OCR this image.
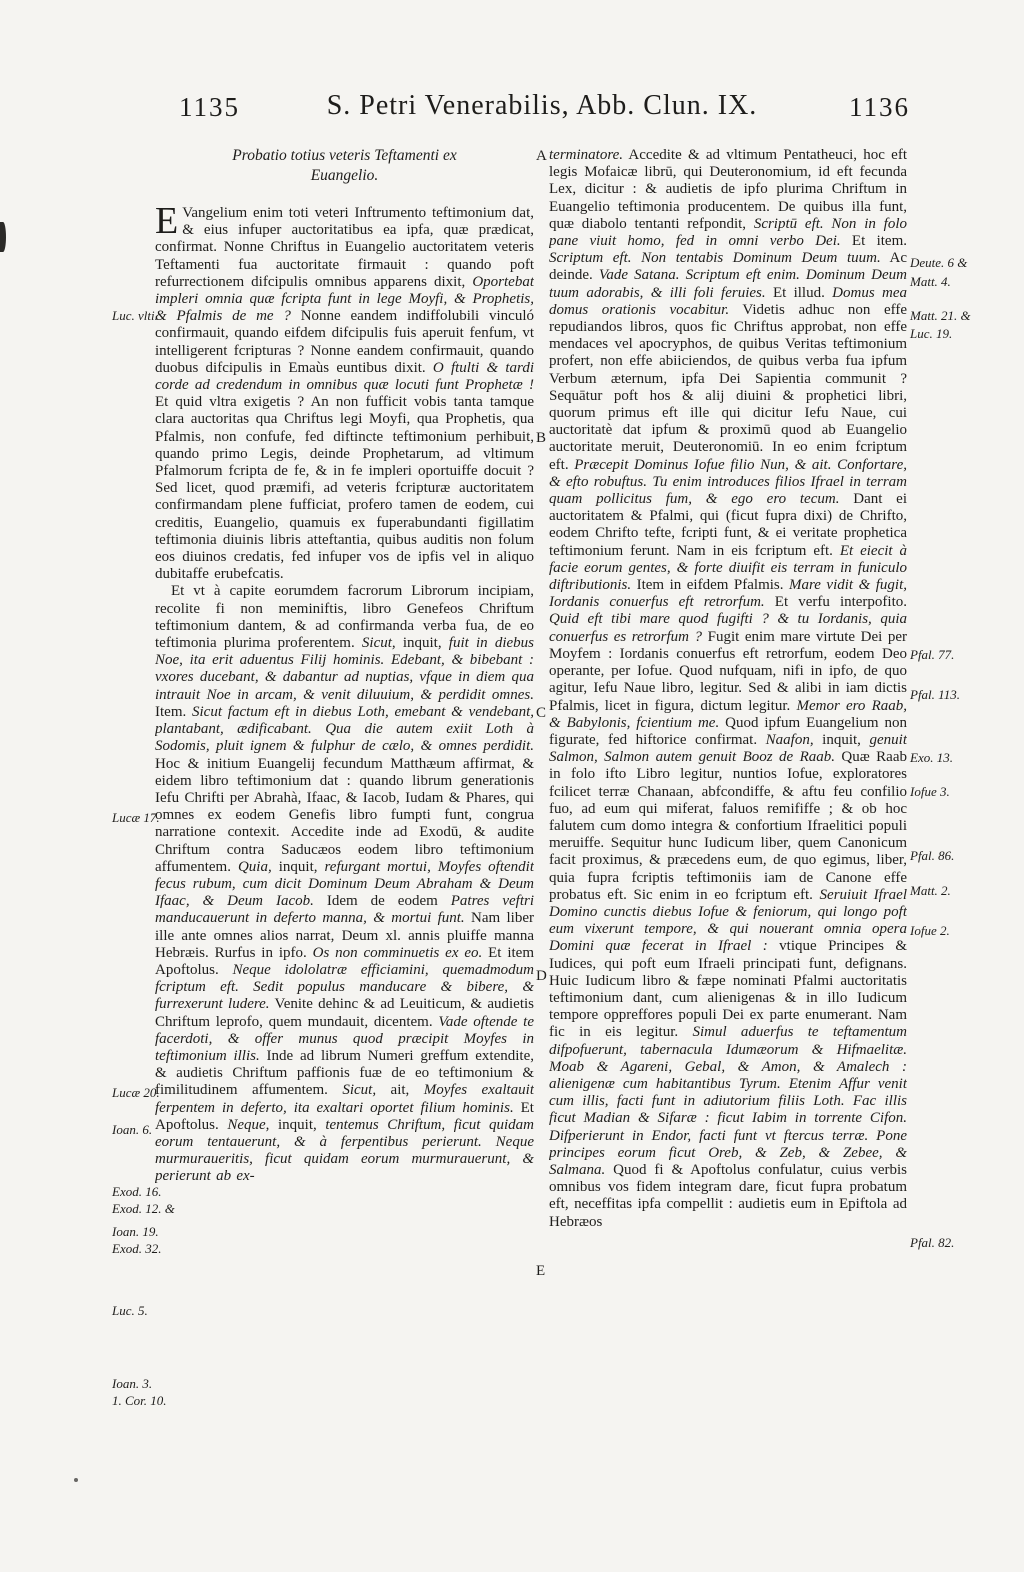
1135	S. Petri Venerabilis, Abb. Clun. IX.	1136
Probatio totius veteris Teftamenti ex
Euangelio.

E Vangelium enim toti veteri Inftrumento teftimonium dat, & eius infuper auctoritatibus ea ipfa, quæ prædicat, confirmat. Nonne Chriftus in Euangelio auctoritatem veteris Teftamenti fua auctoritate firmauit : quando poft refurrectionem difcipulis omnibus apparens dixit, Oportebat impleri omnia quæ fcripta funt in lege Moyfi, & Prophetis, & Pfalmis de me ? Nonne eandem indiffolubili vinculó confirmauit, quando eifdem difcipulis fuis aperuit fenfum, vt intelligerent fcripturas ? Nonne eandem confirmauit, quando duobus difcipulis in Emaùs euntibus dixit. O ftulti & tardi corde ad credendum in omnibus quæ locuti funt Prophetæ ! Et quid vltra exigetis ? An non fufficit vobis tanta tamque clara auctoritas qua Chriftus legi Moyfi, qua Prophetis, qua Pfalmis, non confufe, fed diftincte teftimonium perhibuit, quando primo Legis, deinde Prophetarum, ad vltimum Pfalmorum fcripta de fe, & in fe impleri oportuiffe docuit ? Sed licet, quod præmifi, ad veteris fcripturæ auctoritatem confirmandam plene fufficiat, profero tamen de eodem, cui creditis, Euangelio, quamuis ex fuperabundanti figillatim teftimonia diuinis libris atteftantia, quibus auditis non folum eos diuinos credatis, fed infuper vos de ipfis vel in aliquo dubitaffe erubefcatis.

Et vt à capite eorumdem facrorum Librorum incipiam, recolite fi non meminiftis, libro Genefeos Chriftum teftimonium dantem, & ad confirmanda verba fua, de eo teftimonia plurima proferentem. Sicut, inquit, fuit in diebus Noe, ita erit aduentus Filij hominis. Edebant, & bibebant : vxores ducebant, & dabantur ad nuptias, vfque in diem qua intrauit Noe in arcam, & venit diluuium, & perdidit omnes. Item. Sicut factum eft in diebus Loth, emebant & vendebant, plantabant, ædificabant. Qua die autem exiit Loth à Sodomis, pluit ignem & fulphur de cælo, & omnes perdidit. Hoc & initium Euangelij fecundum Matthæum affirmat, & eidem libro teftimonium dat : quando librum generationis Iefu Chrifti per Abrahà, Ifaac, & Iacob, Iudam & Phares, qui omnes ex eodem Genefis libro fumpti funt, congrua narratione contexit. Accedite inde ad Exodū, & audite Chriftum contra Saducæos eodem libro teftimonium affumentem. Quia, inquit, refurgant mortui, Moyfes oftendit fecus rubum, cum dicit Dominum Deum Abraham & Deum Ifaac, & Deum Iacob. Idem de eodem Patres veftri manducauerunt in deferto manna, & mortui funt. Nam liber ille ante omnes alios narrat, Deum xl. annis pluiffe manna Hebræis. Rurfus in ipfo. Os non comminuetis ex eo. Et item Apoftolus. Neque idololatræ efficiamini, quemadmodum fcriptum eft. Sedit populus manducare & bibere, & furrexerunt ludere. Venite dehinc & ad Leuiticum, & audietis Chriftum leprofo, quem mundauit, dicentem. Vade oftende te facerdoti, & offer munus quod præcipit Moyfes in teftimonium illis. Inde ad librum Numeri greffum extendite, & audietis Chriftum paffionis fuæ de eo teftimonium & fimilitudinem affumentem. Sicut, ait, Moyfes exaltauit ferpentem in deferto, ita exaltari oportet filium hominis. Et Apoftolus. Neque, inquit, tentemus Chriftum, ficut quidam eorum tentauerunt, & à ferpentibus perierunt. Neque murmuraueritis, ficut quidam eorum murmurauerunt, & perierunt ab ex-

terminatore. Accedite & ad vltimum Pentatheuci, hoc eft legis Mofaicæ librū, qui Deuteronomium, id eft fecunda Lex, dicitur : & audietis de ipfo plurima Chriftum in Euangelio teftimonia producentem. De quibus illa funt, quæ diabolo tentanti refpondit, Scriptū eft. Non in folo pane viuit homo, fed in omni verbo Dei. Et item. Scriptum eft. Non tentabis Dominum Deum tuum. Ac deinde. Vade Satana. Scriptum eft enim. Dominum Deum tuum adorabis, & illi foli feruies. Et illud. Domus mea domus orationis vocabitur. Videtis adhuc non effe repudiandos libros, quos fic Chriftus approbat, non effe mendaces vel apocryphos, de quibus Veritas teftimonium profert, non effe abiiciendos, de quibus verba fua ipfum Verbum æternum, ipfa Dei Sapientia communit ? Sequātur poft hos & alij diuini & prophetici libri, quorum primus eft ille qui dicitur Iefu Naue, cui auctoritatè dat ipfum & proximū quod ab Euangelio auctoritate meruit, Deuteronomiū. In eo enim fcriptum eft. Præcepit Dominus Iofue filio Nun, & ait. Confortare, & efto robuftus. Tu enim introduces filios Ifrael in terram quam pollicitus fum, & ego ero tecum. Dant ei auctoritatem & Pfalmi, qui (ficut fupra dixi) de Chrifto, eodem Chrifto tefte, fcripti funt, & ei veritate prophetica teftimonium ferunt. Nam in eis fcriptum eft. Et eiecit à facie eorum gentes, & forte diuifit eis terram in funiculo diftributionis. Item in eifdem Pfalmis. Mare vidit & fugit, Iordanis conuerfus eft retrorfum. Et verfu interpofito. Quid eft tibi mare quod fugifti ? & tu Iordanis, quia conuerfus es retrorfum ? Fugit enim mare virtute Dei per Moyfem : Iordanis conuerfus eft retrorfum, eodem Deo operante, per Iofue. Quod nufquam, nifi in ipfo, de quo agitur, Iefu Naue libro, legitur. Sed & alibi in iam dictis Pfalmis, licet in figura, dictum legitur. Memor ero Raab, & Babylonis, fcientium me. Quod ipfum Euangelium non figurate, fed hiftorice confirmat. Naafon, inquit, genuit Salmon, Salmon autem genuit Booz de Raab. Quæ Raab in folo ifto Libro legitur, nuntios Iofue, exploratores fcilicet terræ Chanaan, abfcondiffe, & aftu feu confilio fuo, ad eum qui miferat, faluos remififfe ; & ob hoc falutem cum domo integra & confortium Ifraelitici populi meruiffe. Sequitur hunc Iudicum liber, quem Canonicum facit proximus, & præcedens eum, de quo egimus, liber, quia fupra fcriptis teftimoniis iam de Canone effe probatus eft. Sic enim in eo fcriptum eft. Seruiuit Ifrael Domino cunctis diebus Iofue & feniorum, qui longo poft eum vixerunt tempore, & qui nouerant omnia opera Domini quæ fecerat in Ifrael : vtique Principes & Iudices, qui poft eum Ifraeli principati funt, defignans. Huic Iudicum libro & fæpe nominati Pfalmi auctoritatis teftimonium dant, cum alienigenas & in illo Iudicum tempore oppreffores populi Dei ex parte enumerant. Nam fic in eis legitur. Simul aduerfus te teftamentum difpofuerunt, tabernacula Idumæorum & Hifmaelitæ. Moab & Agareni, Gebal, & Amon, & Amalech : alienigenæ cum habitantibus Tyrum. Etenim Affur venit cum illis, facti funt in adiutorium filiis Loth. Fac illis ficut Madian & Sifaræ : ficut Iabim in torrente Cifon. Difperierunt in Endor, facti funt vt ftercus terræ. Pone principes eorum ficut Oreb, & Zeb, & Zebee, & Salmana. Quod fi & Apoftolus confulatur, cuius verbis omnibus vos fidem integram dare, ficut fupra probatum eft, neceffitas ipfa compellit : audietis eum in Epiftola ad Hebræos

Luc. vlti.
Lucæ 17.
Lucæ 20.
Ioan. 6.
Exod. 16.
Exod. 12. &
Ioan. 19.
Exod. 32.
Luc. 5.
Ioan. 3.
1. Cor. 10.
Deute. 6 &
Matt. 4.
Matt. 21. &
Luc. 19.
Pfal. 77.
Pfal. 113.
Exo. 13.
Iofue 3.
Pfal. 86.
Matt. 2.
Iofue 2.
Pfal. 82.
A
B
C
D
E
